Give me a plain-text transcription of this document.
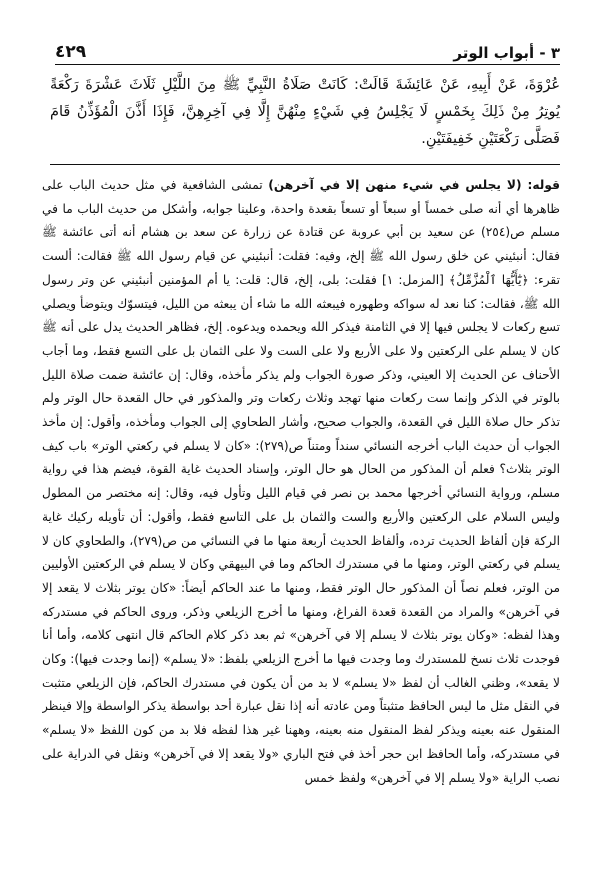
٣ - أبواب الوتر
٤٢٩

عُرْوَةَ، عَنْ أَبِيهِ، عَنْ عَائِشَةَ قَالَتْ: كَانَتْ صَلَاةُ النَّبِيِّ ﷺ مِنَ اللَّيْلِ ثَلَاثَ عَشْرَةَ رَكْعَةً يُوتِرُ مِنْ ذَلِكَ بِخَمْسٍ لَا يَجْلِسُ فِي شَيْءٍ مِنْهُنَّ إِلَّا فِي آخِرِهِنَّ، فَإِذَا أَذَّنَ الْمُؤَذِّنُ قَامَ فَصَلَّى رَكْعَتَيْنِ خَفِيفَتَيْنِ.

قوله: (لا يجلس في شيء منهن إلا في آخرهن) تمشى الشافعية في مثل حديث الباب على ظاهرها أي أنه صلى خمساً أو سبعاً أو تسعاً بقعدة واحدة، وعلينا جوابه، وأشكل من حديث الباب ما في مسلم ص(٢٥٤) عن سعيد بن أبي عروبة عن قتادة عن زرارة عن سعد بن هشام أنه أتى عائشة ﷺ فقال: أنبئيني عن خلق رسول الله ﷺ إلخ، وفيه: فقلت: أنبئيني عن قيام رسول الله ﷺ فقالت: ألست تقرء: ﴿يَٰٓأَيُّهَا ٱلْمُزَّمِّلُ﴾ [المزمل: ١] فقلت: بلى، إلخ، قال: قلت: يا أم المؤمنين أنبئيني عن وتر رسول الله ﷺ، فقالت: كنا نعد له سواكه وطهوره فيبعثه الله ما شاء أن يبعثه من الليل، فيتسوّك ويتوضأ ويصلي تسع ركعات لا يجلس فيها إلا في الثامنة فيذكر الله ويحمده ويدعوه. إلخ، فظاهر الحديث يدل على أنه ﷺ كان لا يسلم على الركعتين ولا على الأربع ولا على الست ولا على الثمان بل على التسع فقط، وما أجاب الأحناف عن الحديث إلا العيني، وذكر صورة الجواب ولم يذكر مأخذه، وقال: إن عائشة ضمت صلاة الليل بالوتر في الذكر وإنما ست ركعات منها تهجد وثلاث ركعات وتر والمذكور في حال القعدة حال الوتر ولم تذكر حال صلاة الليل في القعدة، والجواب صحيح، وأشار الطحاوي إلى الجواب ومأخذه، وأقول: إن مأخذ الجواب أن حديث الباب أخرجه النسائي سنداً ومتناً ص(٢٧٩): «كان لا يسلم في ركعتي الوتر» باب كيف الوتر بثلاث؟ فعلم أن المذكور من الحال هو حال الوتر، وإسناد الحديث غاية القوة، فيضم هذا في رواية مسلم، ورواية النسائي أخرجها محمد بن نصر في قيام الليل وتأول فيه، وقال: إنه مختصر من المطول وليس السلام على الركعتين والأربع والست والثمان بل على التاسع فقط، وأقول: أن تأويله ركيك غاية الركة فإن ألفاظ الحديث ترده، وألفاظ الحديث أربعة منها ما في النسائي من ص(٢٧٩)، والطحاوي كان لا يسلم في ركعتي الوتر، ومنها ما في مستدرك الحاكم وما في البيهقي وكان لا يسلم في الركعتين الأوليين من الوتر، فعلم نصاً أن المذكور حال الوتر فقط، ومنها ما عند الحاكم أيضاً: «كان يوتر بثلاث لا يقعد إلا في آخرهن» والمراد من القعدة قعدة الفراغ، ومنها ما أخرج الزيلعي وذكر، وروى الحاكم في مستدركه وهذا لفظه: «وكان يوتر بثلاث لا يسلم إلا في آخرهن» ثم بعد ذكر كلام الحاكم قال انتهى كلامه، وأما أنا فوجدت ثلاث نسخ للمستدرك وما وجدت فيها ما أخرج الزيلعي بلفظ: «لا يسلم» (إنما وجدت فيها): وكان لا يقعد»، وظني الغالب أن لفظ «لا يسلم» لا بد من أن يكون في مستدرك الحاكم، فإن الزيلعي متثبت في النقل مثل ما ليس الحافظ متثبتاً ومن عادته أنه إذا نقل عبارة أحد بواسطة يذكر الواسطة وإلا فينظر المنقول عنه بعينه ويذكر لفظ المنقول منه بعينه، وههنا غير هذا لفظه فلا بد من كون اللفظ «لا يسلم» في مستدركه، وأما الحافظ ابن حجر أخذ في فتح الباري «ولا يقعد إلا في آخرهن» ونقل في الدراية على نصب الراية «ولا يسلم إلا في آخرهن» ولفظ خمس
